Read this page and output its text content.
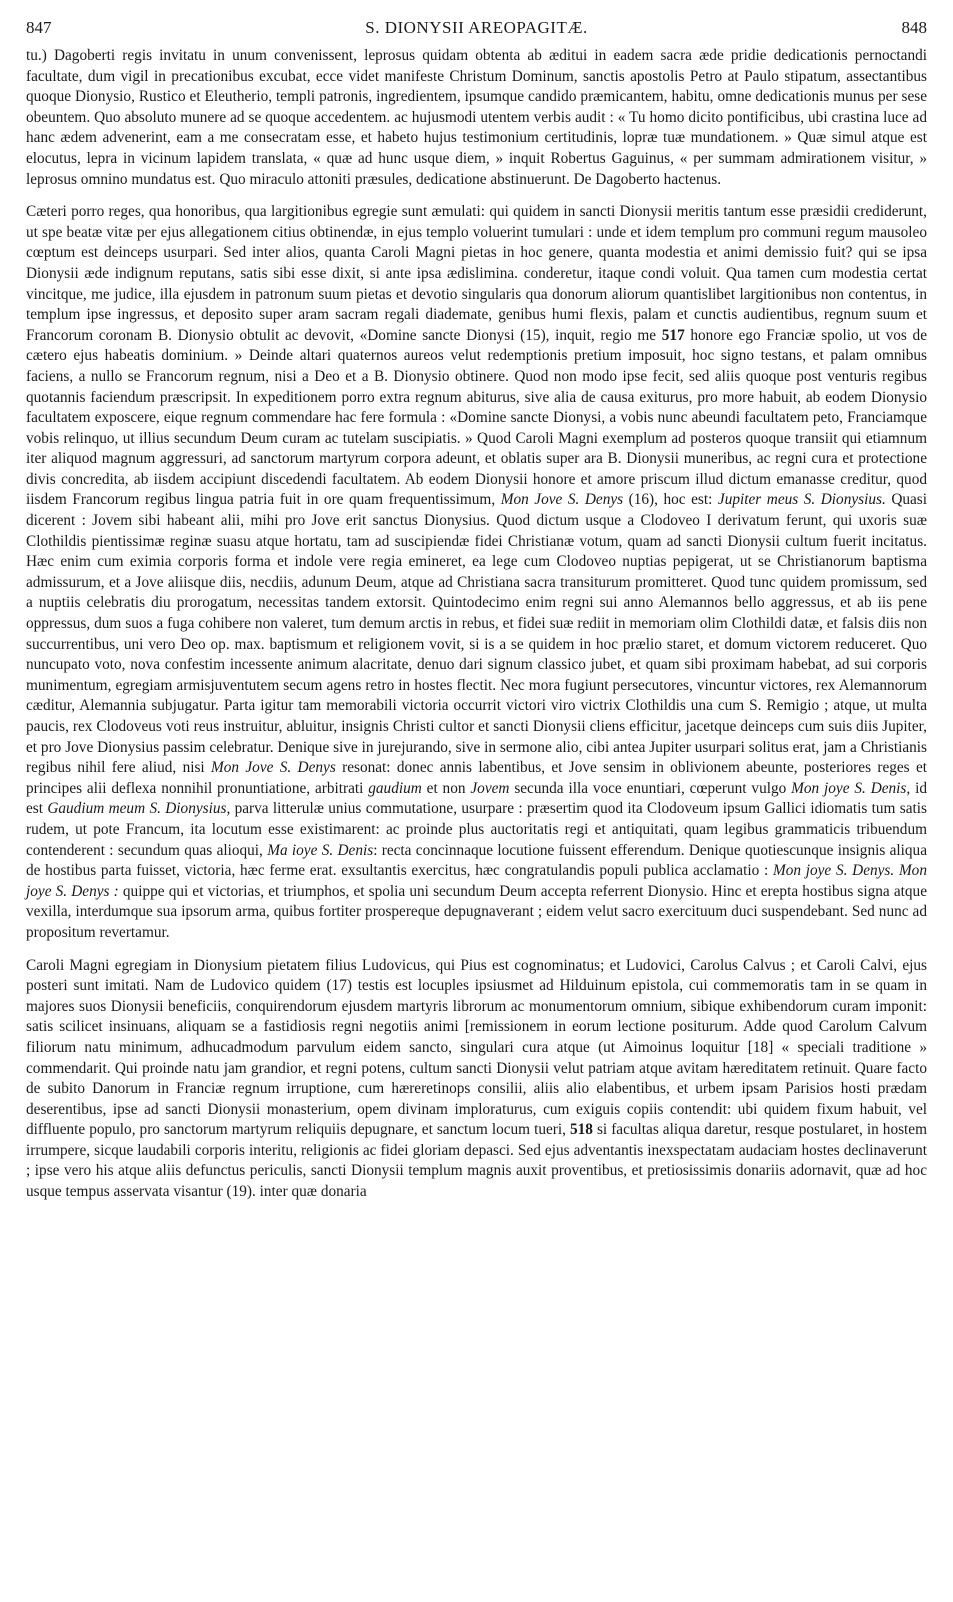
847	S. DIONYSII AREOPAGITÆ.	848

tu.) Dagoberti regis invitatu in unum convenissent, leprosus quidam obtenta ab æditui in eadem sacra æde pridie dedicationis pernoctandi facultate, dum vigil in precationibus excubat, ecce videt manifeste Christum Dominum, sanctis apostolis Petro at Paulo stipatum, assectantibus quoque Dionysio, Rustico et Eleutherio, templi patronis, ingredientem, ipsumque candido præmicantem, habitu, omne dedicationis munus per sese obeuntem. Quo absoluto munere ad se quoque accedentem. ac hujusmodi utentem verbis audit : « Tu homo dicito pontificibus, ubi crastina luce ad hanc ædem advenerint, eam a me consecratam esse, et habeto hujus testimonium certitudinis, lopræ tuæ mundationem. » Quæ simul atque est elocutus, lepra in vicinum lapidem translata, « quæ ad hunc usque diem, » inquit Robertus Gaguinus, « per summam admirationem visitur, » leprosus omnino mundatus est. Quo miraculo attoniti præsules, dedicatione abstinuerunt. De Dagoberto hactenus.

Cæteri porro reges, qua honoribus, qua largitionibus egregie sunt æmulati: qui quidem in sancti Dionysii meritis tantum esse præsidii crediderunt, ut spe beatæ vitæ per ejus allegationem citius obtinendæ, in ejus templo voluerint tumulari : unde et idem templum pro communi regum mausoleo cœptum est deinceps usurpari. Sed inter alios, quanta Caroli Magni pietas in hoc genere, quanta modestia et animi demissio fuit? qui se ipsa Dionysii æde indignum reputans, satis sibi esse dixit, si ante ipsa ædislimina. conderetur, itaque condi voluit. Qua tamen cum modestia certat vincitque, me judice, illa ejusdem in patronum suum pietas et devotio singularis qua donorum aliorum quantislibet largitionibus non contentus, in templum ipse ingressus, et deposito super aram sacram regali diademate, genibus humi flexis, palam et cunctis audientibus, regnum suum et Francorum coronam B. Dionysio obtulit ac devovit, «Domine sancte Dionysi (15), inquit, regio me 517 honore ego Franciæ spolio, ut vos de cætero ejus habeatis dominium. » Deinde altari quaternos aureos velut redemptionis pretium imposuit, hoc signo testans, et palam omnibus faciens, a nullo se Francorum regnum, nisi a Deo et a B. Dionysio obtinere. Quod non modo ipse fecit, sed aliis quoque post venturis regibus quotannis faciendum præscripsit. In expeditionem porro extra regnum abiturus, sive alia de causa exiturus, pro more habuit, ab eodem Dionysio facultatem exposcere, eique regnum commendare hac fere formula : «Domine sancte Dionysi, a vobis nunc abeundi facultatem peto, Franciamque vobis relinquo, ut illius secundum Deum curam ac tutelam suscipiatis. » Quod Caroli Magni exemplum ad posteros quoque transiit qui etiamnum iter aliquod magnum aggressuri, ad sanctorum martyrum corpora adeunt, et oblatis super ara B. Dionysii muneribus, ac regni cura et protectione divis concredita, ab iisdem accipiunt discedendi facultatem. Ab eodem Dionysii honore et amore priscum illud dictum emanasse creditur, quod iisdem Francorum regibus lingua patria fuit in ore quam frequentissimum, Mon Jove S. Denys (16), hoc est: Jupiter meus S. Dionysius. Quasi dicerent : Jovem sibi habeant alii, mihi pro Jove erit sanctus Dionysius. Quod dictum usque a Clodoveo I derivatum ferunt, qui uxoris suæ Clothildis pientissimæ reginæ suasu atque hortatu, tam ad suscipiendæ fidei Christianæ votum, quam ad sancti Dionysii cultum fuerit incitatus. Hæc enim cum eximia corporis forma et indole vere regia emineret, ea lege cum Clodoveo nuptias pepigerat, ut se Christianorum baptisma admissurum, et a Jove aliisque diis, necdiis, adunum Deum, atque ad Christiana sacra transiturum promitteret. Quod tunc quidem promissum, sed a nuptiis celebratis diu prorogatum, necessitas tandem extorsit. Quintodecimo enim regni sui anno Alemannos bello aggressus, et ab iis pene oppressus, dum suos a fuga cohibere non valeret, tum demum arctis in rebus, et fidei suæ rediit in memoriam olim Clothildi datæ, et falsis diis non succurrentibus, uni vero Deo op. max. baptismum et religionem vovit, si is a se quidem in hoc prælio staret, et domum victorem reduceret. Quo nuncupato voto, nova confestim incessente animum alacritate, denuo dari signum classico jubet, et quam sibi proximam habebat, ad sui corporis munimentum, egregiam armisjuventutem secum agens retro in hostes flectit. Nec mora fugiunt persecutores, vincuntur victores, rex Alemannorum cæditur, Alemannia subjugatur. Parta igitur tam memorabili victoria occurrit victori viro victrix Clothildis una cum S. Remigio ; atque, ut multa paucis, rex Clodoveus voti reus instruitur, abluitur, insignis Christi cultor et sancti Dionysii cliens efficitur, jacetque deinceps cum suis diis Jupiter, et pro Jove Dionysius passim celebratur. Denique sive in jurejurando, sive in sermone alio, cibi antea Jupiter usurpari solitus erat, jam a Christianis regibus nihil fere aliud, nisi Mon Jove S. Denys resonat: donec annis labentibus, et Jove sensim in oblivionem abeunte, posteriores reges et principes alii deflexa nonnihil pronuntiatione, arbitrati gaudium et non Jovem secunda illa voce enuntiari, cœperunt vulgo Mon joye S. Denis, id est Gaudium meum S. Dionysius, parva litterulæ unius commutatione, usurpare : præsertim quod ita Clodoveum ipsum Gallici idiomatis tum satis rudem, ut pote Francum, ita locutum esse existimarent: ac proinde plus auctoritatis regi et antiquitati, quam legibus grammaticis tribuendum contenderent : secundum quas alioqui, Ma ioye S. Denis: recta concinnaque locutione fuissent efferendum. Denique quotiescunque insignis aliqua de hostibus parta fuisset, victoria, hæc ferme erat. exsultantis exercitus, hæc congratulandis populi publica acclamatio : Mon joye S. Denys. Mon joye S. Denys : quippe qui et victorias, et triumphos, et spolia uni secundum Deum accepta referrent Dionysio. Hinc et erepta hostibus signa atque vexilla, interdumque sua ipsorum arma, quibus fortiter prospereque depugnaverant ; eidem velut sacro exercituum duci suspendebant. Sed nunc ad propositum revertamur.

Caroli Magni egregiam in Dionysium pietatem filius Ludovicus, qui Pius est cognominatus; et Ludovici, Carolus Calvus ; et Caroli Calvi, ejus posteri sunt imitati. Nam de Ludovico quidem (17) testis est locuples ipsiusmet ad Hilduinum epistola, cui commemoratis tam in se quam in majores suos Dionysii beneficiis, conquirendorum ejusdem martyris librorum ac monumentorum omnium, sibique exhibendorum curam imponit: satis scilicet insinuans, aliquam se a fastidiosis regni negotiis animi [remissionem in eorum lectione positurum. Adde quod Carolum Calvum filiorum natu minimum, adhucadmodum parvulum eidem sancto, singulari cura atque (ut Aimoinus loquitur [18] « speciali traditione » commendarit. Qui proinde natu jam grandior, et regni potens, cultum sancti Dionysii velut patriam atque avitam hæreditatem retinuit. Quare facto de subito Danorum in Franciæ regnum irruptione, cum hæreretinops consilii, aliis alio elabentibus, et urbem ipsam Parisios hosti prædam deserentibus, ipse ad sancti Dionysii monasterium, opem divinam imploraturus, cum exiguis copiis contendit: ubi quidem fixum habuit, vel diffluente populo, pro sanctorum martyrum reliquiis depugnare, et sanctum locum tueri, 518 si facultas aliqua daretur, resque postularet, in hostem irrumpere, sicque laudabili corporis interitu, religionis ac fidei gloriam depasci. Sed ejus adventantis inexspectatam audaciam hostes declinaverunt ; ipse vero his atque aliis defunctus periculis, sancti Dionysii templum magnis auxit proventibus, et pretiosissimis donariis adornavit, quæ ad hoc usque tempus asservata visantur (19). inter quæ donaria
